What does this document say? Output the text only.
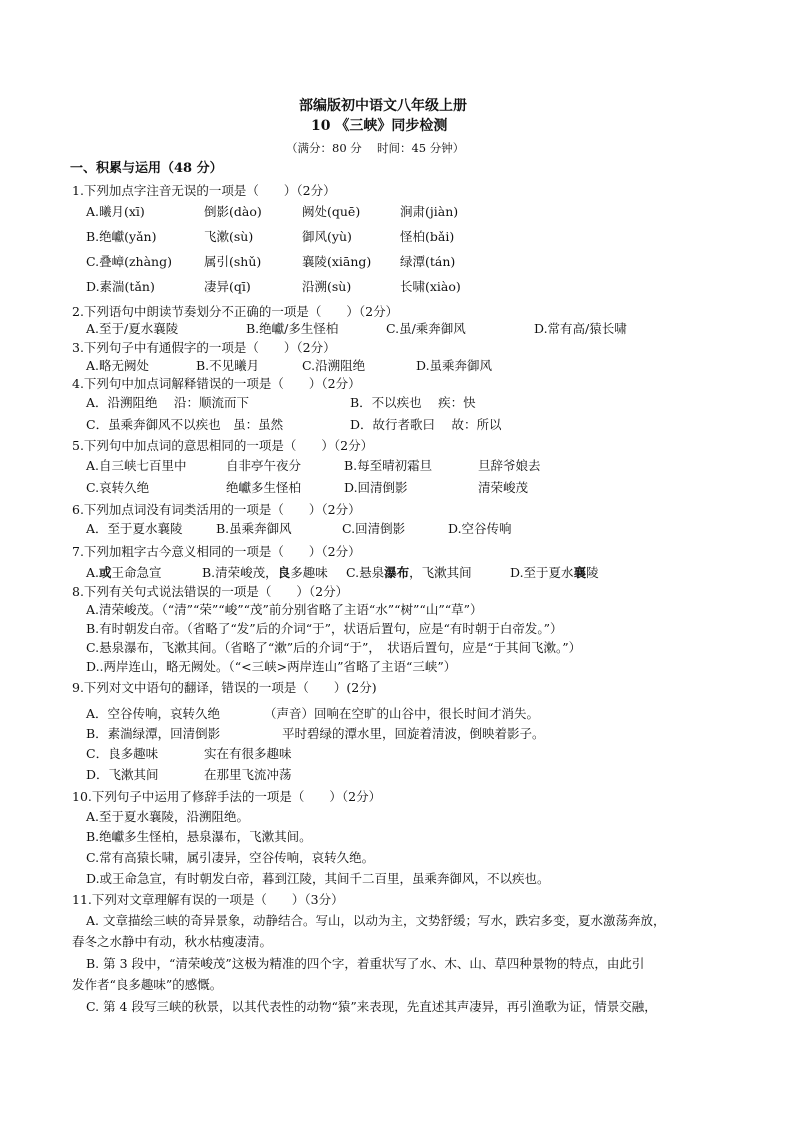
部编版初中语文八年级上册
10 《三峡》同步检测
（满分：80 分　 时间：45 分钟）
一、积累与运用（48 分）
1.下列加点字注音无误的一项是（　　）（2分）
A.曦月(xī)	倒影(dào)	阙处(quē)	涧肃(jiàn)
B.绝巘(yǎn)	飞漱(sù)	御风(yù)	怪柏(bǎi)
C.叠嶂(zhàng)	属引(shǔ)	襄陵(xiāng) 绿潭(tán)
D.素湍(tǎn)	凄异(qī)	沿溯(sù)	长啸(xiào)
2.下列语句中朗读节奏划分不正确的一项是（　　）（2分）
A.至于/夏水襄陵	B.绝巘/多生怪柏	C.虽/乘奔御风	D.常有高/猿长啸
3.下列句子中有通假字的一项是（　　）（2分）
A.略无阙处	B.不见曦月	C.沿溯阻绝	D.虽乘奔御风
4.下列句中加点词解释错误的一项是（　　）（2分）
A．沿溯阻绝　 沿：顺流而下	B．不以疾也　 疾：快
C．虽乘奔御风不以疾也　虽：虽然	D．故行者歌曰　 故：所以
5.下列句中加点词的意思相同的一项是（　　）（2分）
A.自三峡七百里中	自非亭午夜分	B.每至晴初霜旦	旦辞爷娘去
C.哀转久绝	绝巘多生怪柏	D.回清倒影	清荣峻茂
6.下列加点词没有词类活用的一项是（　　）（2分）
A．至于夏水襄陵	B.虽乘奔御风	C.回清倒影	D.空谷传响
7.下列加粗字古今意义相同的一项是（　　）（2分）
A.或王命急宣	B.清荣峻茂，良多趣味 C.悬泉瀑布，飞漱其间	D.至于夏水襄陵
8.下列有关句式说法错误的一项是（　　）（2分）
A.清荣峻茂。（“清”“荣”“峻”“茂”前分别省略了主语“水”“树”“山”“草”）
B.有时朝发白帝。（省略了“发”后的介词“于”，状语后置句，应是“有时朝于白帝发。”）
C.悬泉瀑布，飞漱其间。（省略了“漱”后的介词“于”，　状语后置句，应是“于其间飞漱。”）
D..两岸连山，略无阙处。（“<三峡>两岸连山”省略了主语“三峡”）
9.下列对文中语句的翻译，错误的一项是（　　）(2分)
A．空谷传响，哀转久绝	（声音）回响在空旷的山谷中，很长时间才消失。
B．素湍绿潭，回清倒影	平时碧绿的潭水里，回旋着清波，倒映着影子。
C．良多趣味	实在有很多趣味
D．飞漱其间	在那里飞流冲荡
10.下列句子中运用了修辞手法的一项是（　　）（2分）
A.至于夏水襄陵，沿溯阻绝。
B.绝巘多生怪柏，悬泉瀑布，飞漱其间。
C.常有高猿长啸，属引凄异，空谷传响，哀转久绝。
D.或王命急宣，有时朝发白帝，暮到江陵，其间千二百里，虽乘奔御风，不以疾也。
11.下列对文章理解有误的一项是（　　）（3分）
A. 文章描绘三峡的奇异景象，动静结合。写山，以动为主，文势舒缓；写水，跌宕多变，夏水激荡奔放，
春冬之水静中有动，秋水枯瘦凄清。
B. 第 3 段中，“清荣峻茂”这极为精准的四个字，着重状写了水、木、山、草四种景物的特点，由此引
发作者“良多趣味”的感慨。
C. 第 4 段写三峡的秋景，以其代表性的动物“猿”来表现，先直述其声凄异，再引渔歌为证，情景交融，
